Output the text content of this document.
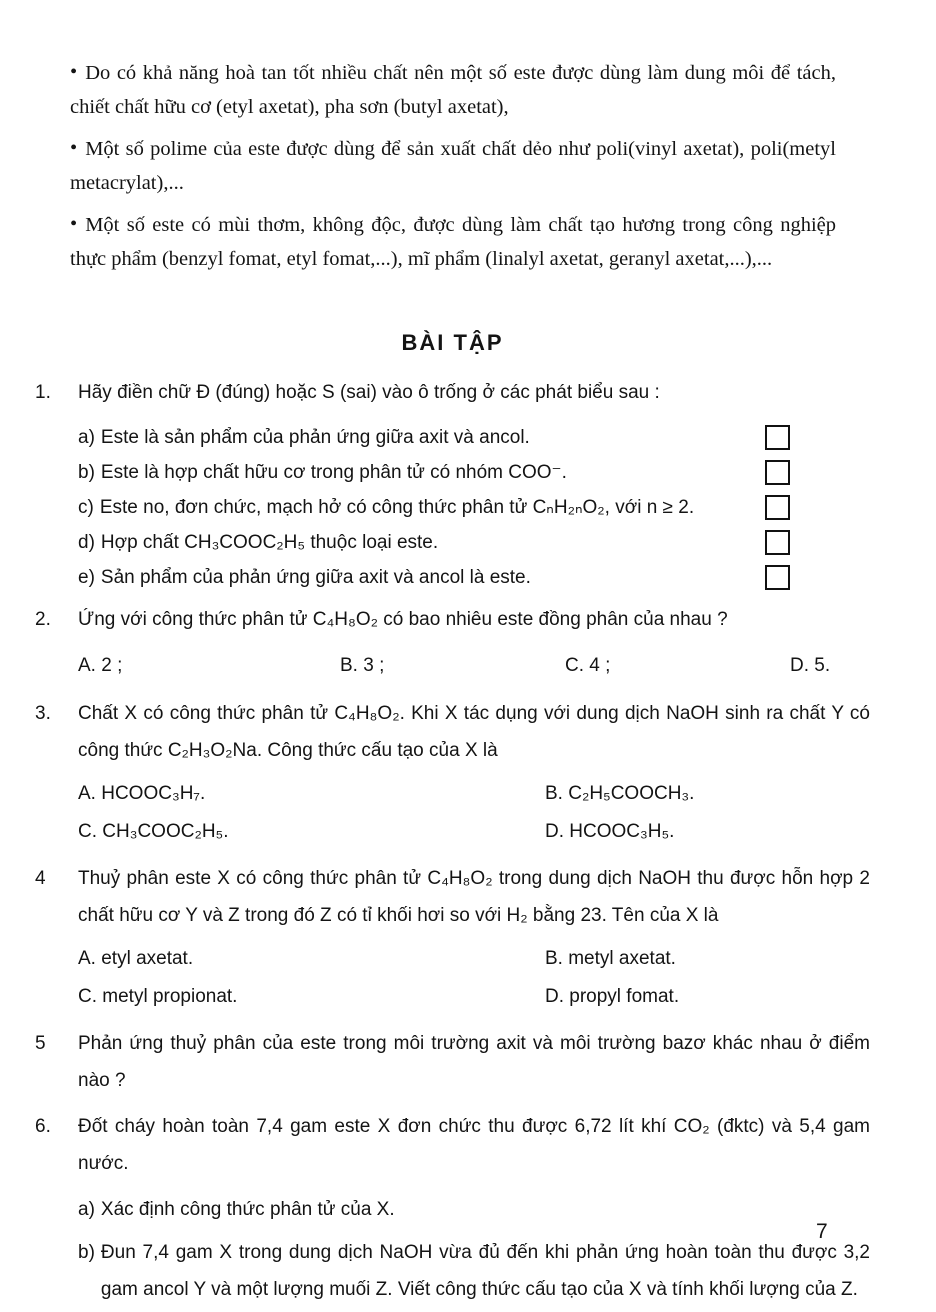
• Do có khả năng hoà tan tốt nhiều chất nên một số este được dùng làm dung môi để tách, chiết chất hữu cơ (etyl axetat), pha sơn (butyl axetat),

• Một số polime của este được dùng để sản xuất chất dẻo như poli(vinyl axetat), poli(metyl metacrylat),...

• Một số este có mùi thơm, không độc, được dùng làm chất tạo hương trong công nghiệp thực phẩm (benzyl fomat, etyl fomat,...), mĩ phẩm (linalyl axetat, geranyl axetat,...),...

BÀI TẬP
1.	Hãy điền chữ Đ (đúng) hoặc S (sai) vào ô trống ở các phát biểu sau :

a) Este là sản phẩm của phản ứng giữa axit và ancol.
b) Este là hợp chất hữu cơ trong phân tử có nhóm COO⁻.
c) Este no, đơn chức, mạch hở có công thức phân tử CₙH₂ₙO₂, với n ≥ 2.
d) Hợp chất CH₃COOC₂H₅ thuộc loại este.
e) Sản phẩm của phản ứng giữa axit và ancol là este.
2.	Ứng với công thức phân tử C₄H₈O₂ có bao nhiêu este đồng phân của nhau ?

A. 2 ;	B. 3 ;	C. 4 ;	D. 5.
3.	Chất X có công thức phân tử C₄H₈O₂. Khi X tác dụng với dung dịch NaOH sinh ra chất Y có công thức C₂H₃O₂Na. Công thức cấu tạo của X là

A. HCOOC₃H₇.	B. C₂H₅COOCH₃.
C. CH₃COOC₂H₅.	D. HCOOC₃H₅.
4	Thuỷ phân este X có công thức phân tử C₄H₈O₂ trong dung dịch NaOH thu được hỗn hợp 2 chất hữu cơ Y và Z trong đó Z có tỉ khối hơi so với H₂ bằng 23. Tên của X là

A. etyl axetat.	B. metyl axetat.
C. metyl propionat.	D. propyl fomat.
5	Phản ứng thuỷ phân của este trong môi trường axit và môi trường bazơ khác nhau ở điểm nào ?

6.	Đốt cháy hoàn toàn 7,4 gam este X đơn chức thu được 6,72 lít khí CO₂ (đktc) và 5,4 gam nước.

a) Xác định công thức phân tử của X.
b) Đun 7,4 gam X trong dung dịch NaOH vừa đủ đến khi phản ứng hoàn toàn thu được 3,2 gam ancol Y và một lượng muối Z. Viết công thức cấu tạo của X và tính khối lượng của Z.
7
